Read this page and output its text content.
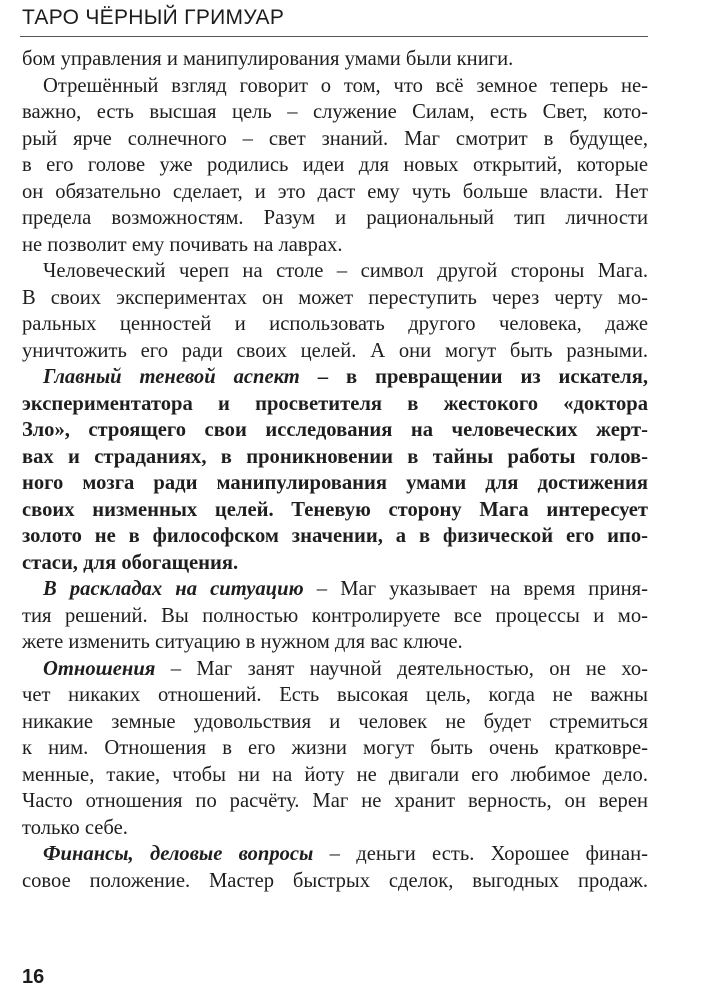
ТАРО ЧЁРНЫЙ ГРИМУАР

бом управления и манипулирования умами были книги.

Отрешённый взгляд говорит о том, что всё земное теперь не-
важно, есть высшая цель – служение Силам, есть Свет, кото-
рый ярче солнечного – свет знаний. Маг смотрит в будущее,
в его голове уже родились идеи для новых открытий, которые
он обязательно сделает, и это даст ему чуть больше власти. Нет
предела возможностям. Разум и рациональный тип личности
не позволит ему почивать на лаврах.

Человеческий череп на столе – символ другой стороны Мага.
В своих экспериментах он может переступить через черту мо-
ральных ценностей и использовать другого человека, даже
уничтожить его ради своих целей. А они могут быть разными.

Главный теневой аспект – в превращении из искателя,
экспериментатора и просветителя в жестокого «доктора
Зло», строящего свои исследования на человеческих жерт-
вах и страданиях, в проникновении в тайны работы голов-
ного мозга ради манипулирования умами для достижения
своих низменных целей. Теневую сторону Мага интересует
золото не в философском значении, а в физической его ипо-
стаси, для обогащения.

В раскладах на ситуацию – Маг указывает на время приня-
тия решений. Вы полностью контролируете все процессы и мо-
жете изменить ситуацию в нужном для вас ключе.

Отношения – Маг занят научной деятельностью, он не хо-
чет никаких отношений. Есть высокая цель, когда не важны
никакие земные удовольствия и человек не будет стремиться
к ним. Отношения в его жизни могут быть очень кратковре-
менные, такие, чтобы ни на йоту не двигали его любимое дело.
Часто отношения по расчёту. Маг не хранит верность, он верен
только себе.

Финансы, деловые вопросы – деньги есть. Хорошее финан-
совое положение. Мастер быстрых сделок, выгодных продаж.

16
